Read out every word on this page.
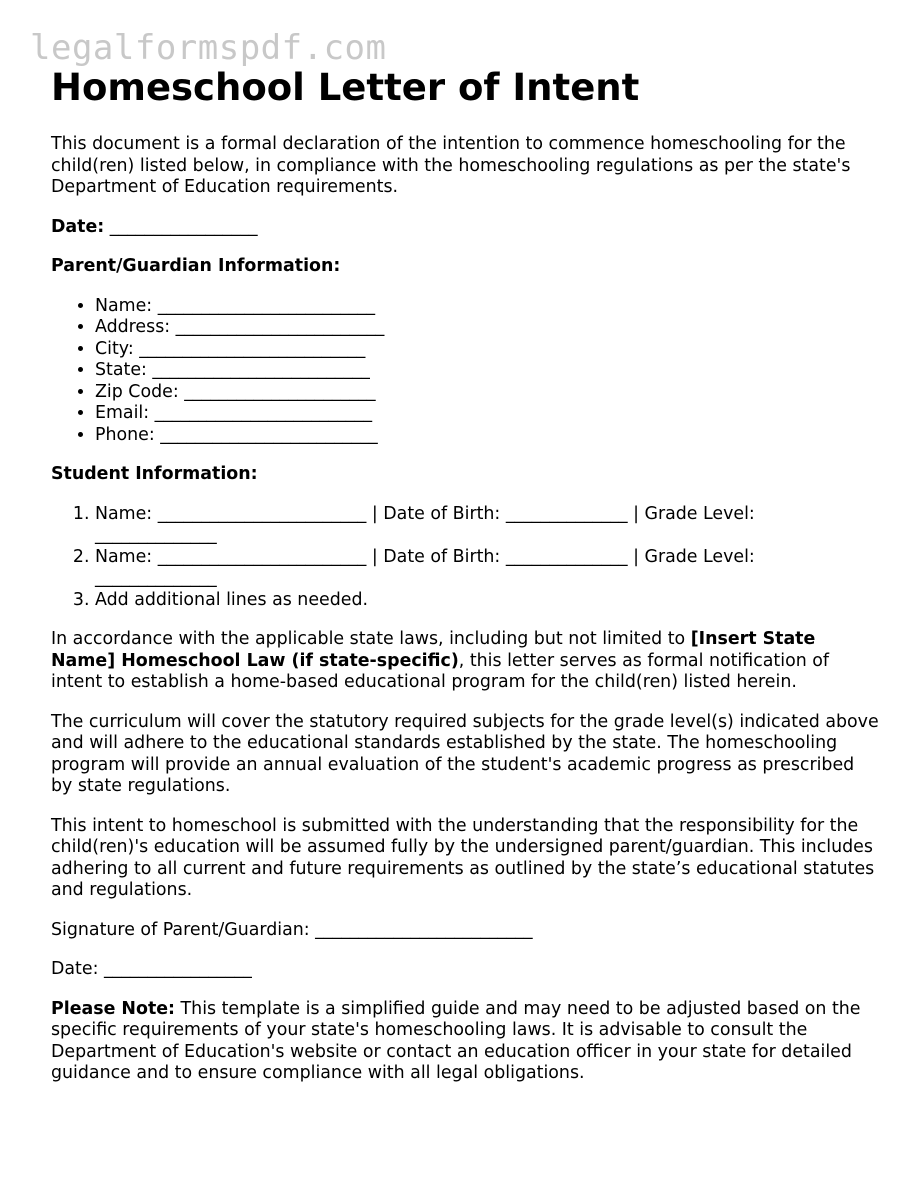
legalformspdf.com
Homeschool Letter of Intent

This document is a formal declaration of the intention to commence homeschooling for the child(ren) listed below, in compliance with the homeschooling regulations as per the state's Department of Education requirements.

Date: _________________

Parent/Guardian Information:

• Name: _________________________
• Address: ________________________
• City: __________________________
• State: _________________________
• Zip Code: ______________________
• Email: _________________________
• Phone: _________________________

Student Information:

1. Name: ________________________ | Date of Birth: ______________ | Grade Level: ______________
2. Name: ________________________ | Date of Birth: ______________ | Grade Level: ______________
3. Add additional lines as needed.

In accordance with the applicable state laws, including but not limited to [Insert State Name] Homeschool Law (if state-specific), this letter serves as formal notification of intent to establish a home-based educational program for the child(ren) listed herein.

The curriculum will cover the statutory required subjects for the grade level(s) indicated above and will adhere to the educational standards established by the state. The homeschooling program will provide an annual evaluation of the student's academic progress as prescribed by state regulations.

This intent to homeschool is submitted with the understanding that the responsibility for the child(ren)'s education will be assumed fully by the undersigned parent/guardian. This includes adhering to all current and future requirements as outlined by the state’s educational statutes and regulations.

Signature of Parent/Guardian: _________________________

Date: _________________

Please Note: This template is a simplified guide and may need to be adjusted based on the specific requirements of your state's homeschooling laws. It is advisable to consult the Department of Education's website or contact an education officer in your state for detailed guidance and to ensure compliance with all legal obligations.
